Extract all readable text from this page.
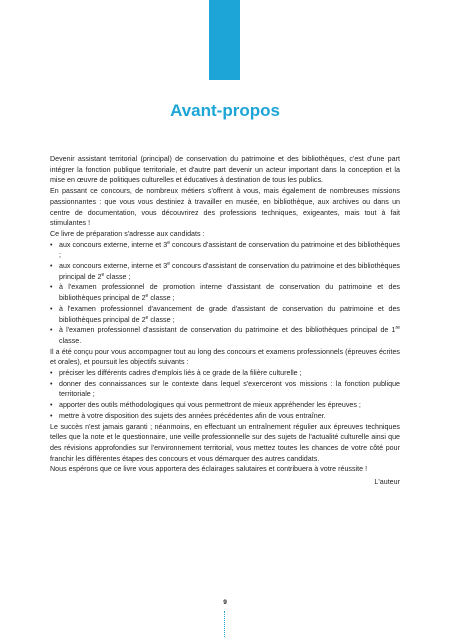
Avant-propos

Devenir assistant territorial (principal) de conservation du patrimoine et des bibliothèques, c'est d'une part intégrer la fonction publique territoriale, et d'autre part devenir un acteur important dans la conception et la mise en œuvre de politiques culturelles et éducatives à destination de tous les publics.

En passant ce concours, de nombreux métiers s'offrent à vous, mais également de nombreuses missions passionnantes : que vous vous destiniez à travailler en musée, en bibliothèque, aux archives ou dans un centre de documentation, vous découvrirez des professions techniques, exigeantes, mais tout à fait stimulantes !

Ce livre de préparation s'adresse aux candidats :

• aux concours externe, interne et 3e concours d'assistant de conservation du patrimoine et des bibliothèques ;
• aux concours externe, interne et 3e concours d'assistant de conservation du patrimoine et des bibliothèques principal de 2e classe ;
• à l'examen professionnel de promotion interne d'assistant de conservation du patrimoine et des bibliothèques principal de 2e classe ;
• à l'examen professionnel d'avancement de grade d'assistant de conservation du patrimoine et des bibliothèques principal de 2e classe ;
• à l'examen professionnel d'assistant de conservation du patrimoine et des bibliothèques principal de 1re classe.

Il a été conçu pour vous accompagner tout au long des concours et examens professionnels (épreuves écrites et orales), et poursuit les objectifs suivants :

• préciser les différents cadres d'emplois liés à ce grade de la filière culturelle ;
• donner des connaissances sur le contexte dans lequel s'exerceront vos missions : la fonction publique territoriale ;
• apporter des outils méthodologiques qui vous permettront de mieux appréhender les épreuves ;
• mettre à votre disposition des sujets des années précédentes afin de vous entraîner.

Le succès n'est jamais garanti ; néanmoins, en effectuant un entraînement régulier aux épreuves techniques telles que la note et le questionnaire, une veille professionnelle sur des sujets de l'actualité culturelle ainsi que des révisions approfondies sur l'environnement territorial, vous mettez toutes les chances de votre côté pour franchir les différentes étapes des concours et vous démarquer des autres candidats.

Nous espérons que ce livre vous apportera des éclairages salutaires et contribuera à votre réussite !

L'auteur

9
